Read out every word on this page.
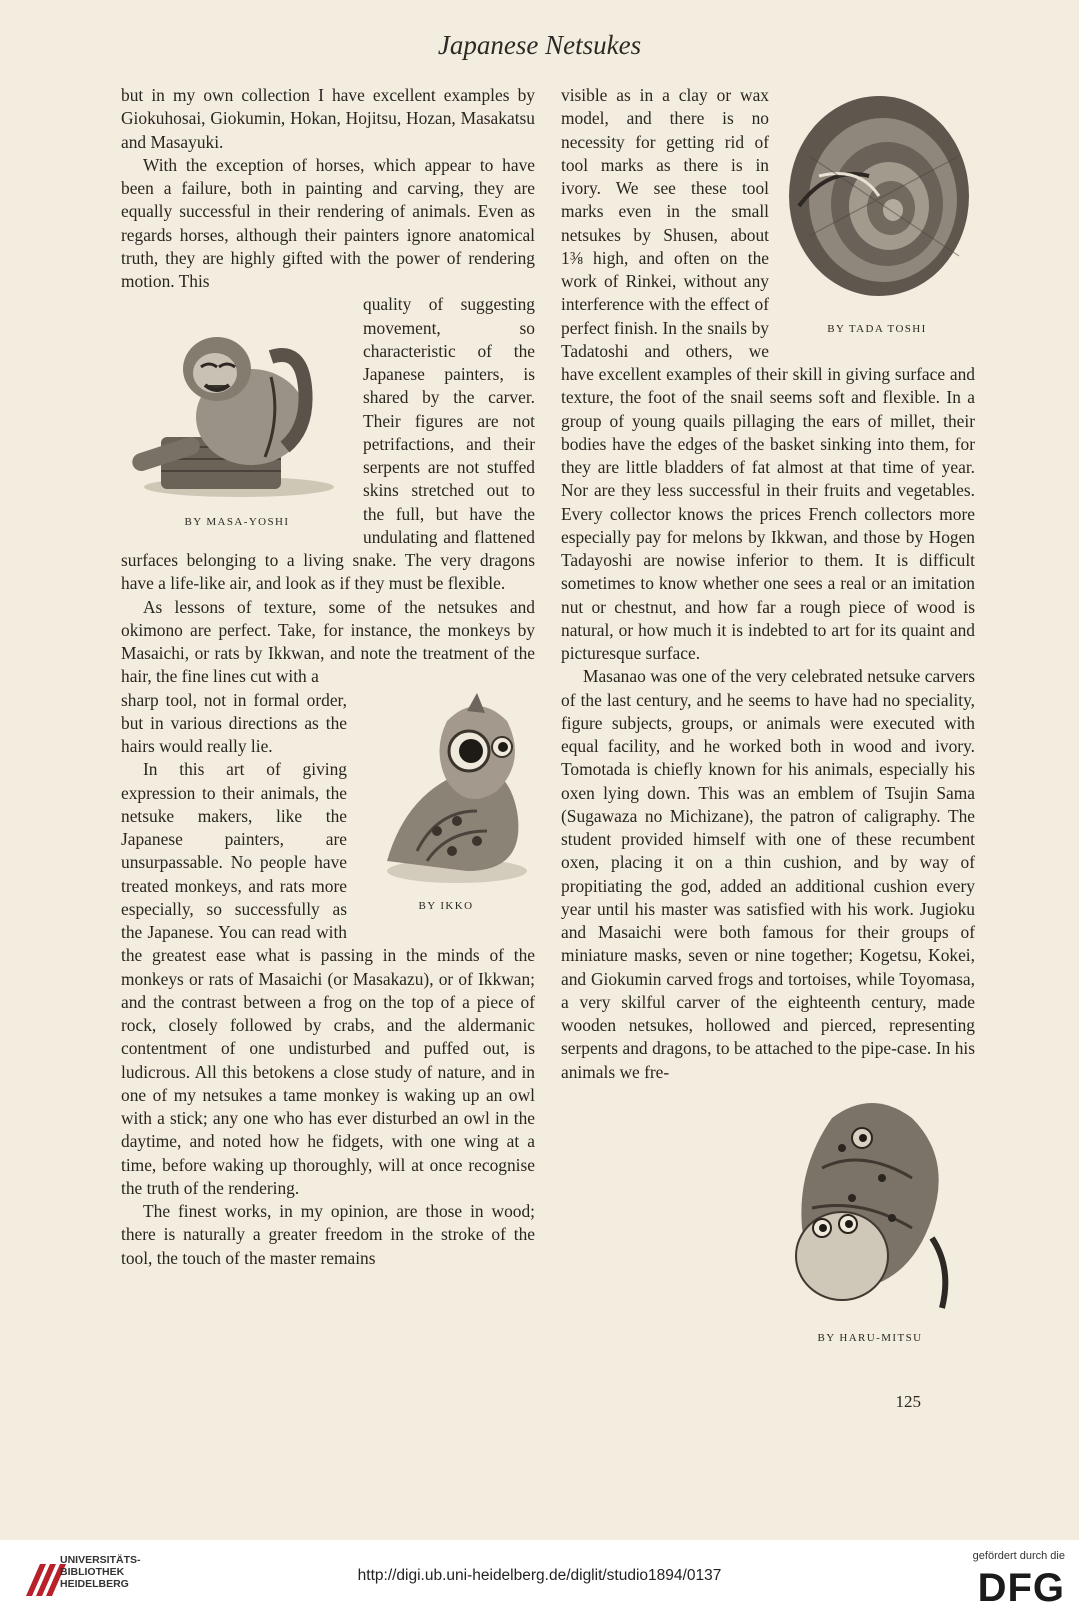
Japanese Netsukes

but in my own collection I have excellent examples by Giokuhosai, Giokumin, Hokan, Hojitsu, Hozan, Masakatsu and Masayuki.

With the exception of horses, which appear to have been a failure, both in painting and carving, they are equally successful in their rendering of animals. Even as regards horses, although their painters ignore anatomical truth, they are highly gifted with the power of rendering motion. This

BY MASA-YOSHI

quality of suggesting movement, so characteristic of the Japanese painters, is shared by the carver. Their figures are not petrifactions, and their serpents are not stuffed skins stretched out to the full, but have the undulating and flattened surfaces belonging to a living snake. The very dragons have a life-like air, and look as if they must be flexible.

As lessons of texture, some of the netsukes and okimono are perfect. Take, for instance, the monkeys by Masaichi, or rats by Ikkwan, and note the treatment of the hair, the fine lines cut with a

BY IKKO

sharp tool, not in formal order, but in various directions as the hairs would really lie.

In this art of giving expression to their animals, the netsuke makers, like the Japanese painters, are unsurpassable. No people have treated monkeys, and rats more especially, so successfully as the Japanese. You can read with the greatest ease what is passing in the minds of the monkeys or rats of Masaichi (or Masakazu), or of Ikkwan; and the contrast between a frog on the top of a piece of rock, closely followed by crabs, and the aldermanic contentment of one undisturbed and puffed out, is ludicrous. All this betokens a close study of nature, and in one of my netsukes a tame monkey is waking up an owl with a stick; any one who has ever disturbed an owl in the daytime, and noted how he fidgets, with one wing at a time, before waking up thoroughly, will at once recognise the truth of the rendering.

The finest works, in my opinion, are those in wood; there is naturally a greater freedom in the stroke of the tool, the touch of the master remains

BY TADA TOSHI

visible as in a clay or wax model, and there is no necessity for getting rid of tool marks as there is in ivory. We see these tool marks even in the small netsukes by Shusen, about 1⅜ high, and often on the work of Rinkei, without any interference with the effect of perfect finish. In the snails by Tadatoshi and others, we have excellent examples of their skill in giving surface and texture, the foot of the snail seems soft and flexible. In a group of young quails pillaging the ears of millet, their bodies have the edges of the basket sinking into them, for they are little bladders of fat almost at that time of year. Nor are they less successful in their fruits and vegetables. Every collector knows the prices French collectors more especially pay for melons by Ikkwan, and those by Hogen Tadayoshi are nowise inferior to them. It is difficult sometimes to know whether one sees a real or an imitation nut or chestnut, and how far a rough piece of wood is natural, or how much it is indebted to art for its quaint and picturesque surface.

Masanao was one of the very celebrated netsuke carvers of the last century, and he seems to have had no speciality, figure subjects, groups, or animals were executed with equal facility, and he worked both in wood and ivory. Tomotada is chiefly known for his animals, especially his oxen lying down. This was an emblem of Tsujin Sama (Sugawaza no Michizane), the patron of caligraphy. The student provided himself with one of these recumbent oxen, placing it on a thin cushion, and by way of propitiating the god, added an additional cushion every year until his master was satisfied with his work. Jugioku and Masaichi were both famous for their groups of miniature masks, seven or nine together; Kogetsu, Kokei, and Giokumin carved frogs and tortoises, while Toyomasa, a very skilful carver of the eighteenth century, made wooden netsukes, hollowed and pierced, representing serpents and dragons, to be attached to the pipe-case. In his animals we fre-

BY HARU-MITSU
125
UNIVERSITÄTS-
BIBLIOTHEK
HEIDELBERG	http://digi.ub.uni-heidelberg.de/diglit/studio1894/0137
gefördert durch die
DFG
